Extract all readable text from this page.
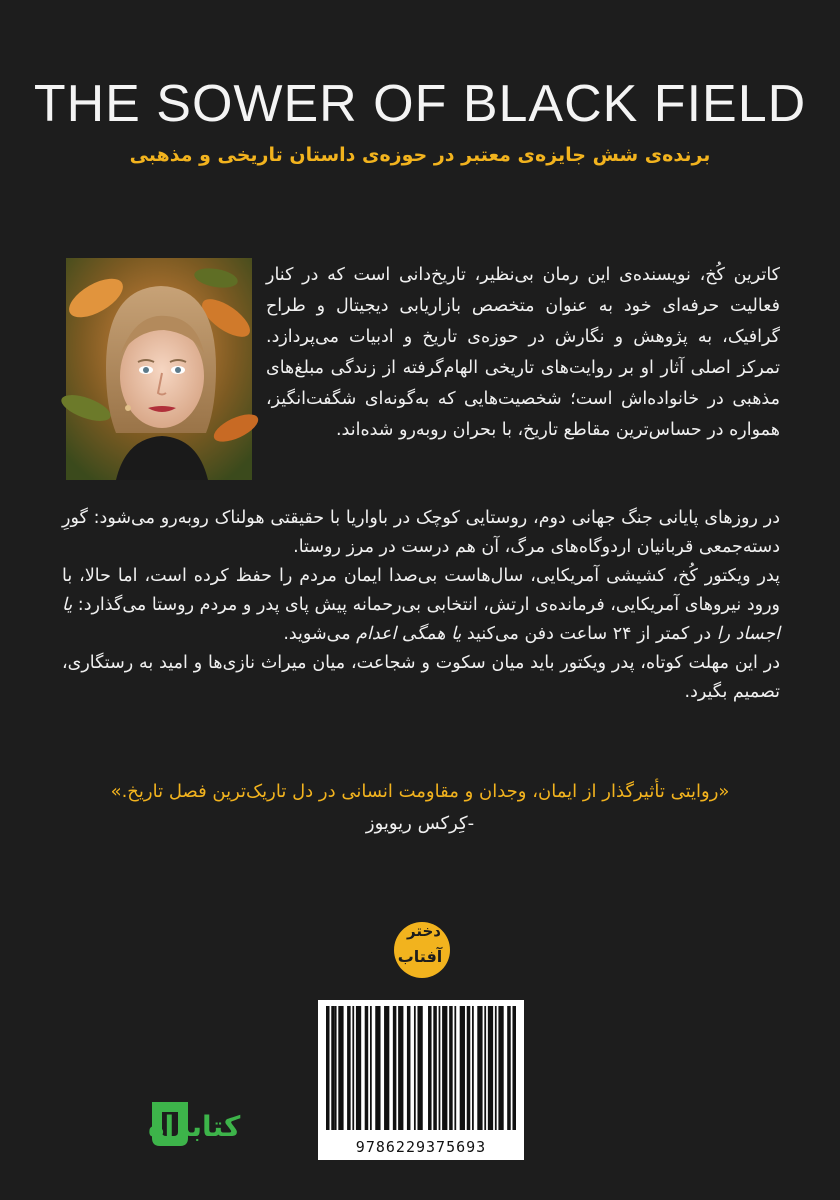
THE SOWER OF BLACK FIELD
برنده‌ی شش جایزه‌ی معتبر در حوزه‌ی داستان تاریخی و مذهبی
کاترین کُخ، نویسنده‌ی این رمان بی‌نظیر، تاریخ‌دانی است که در کنار فعالیت حرفه‌ای خود به عنوان متخصص بازاریابی دیجیتال و طراح گرافیک، به پژوهش و نگارش در حوزه‌ی تاریخ و ادبیات می‌پردازد. تمرکز اصلی آثار او بر روایت‌های تاریخی الهام‌گرفته از زندگی مبلغ‌های مذهبی در خانواده‌اش است؛ شخصیت‌هایی که به‌گونه‌ای شگفت‌انگیز، همواره در حساس‌ترین مقاطع تاریخ، با بحران روبه‌رو شده‌اند.

در روزهای پایانی جنگ جهانی دوم، روستایی کوچک در باواریا با حقیقتی هولناک روبه‌رو می‌شود: گورِ دسته‌جمعی قربانیان اردوگاه‌های مرگ، آن هم درست در مرز روستا.

پدر ویکتور کُخ، کشیشی آمریکایی، سال‌هاست بی‌صدا ایمان مردم را حفظ کرده است، اما حالا، با ورود نیروهای آمریکایی، فرمانده‌ی ارتش، انتخابی بی‌رحمانه پیش پای پدر و مردم روستا می‌گذارد: یا اجساد را در کمتر از ۲۴ ساعت دفن می‌کنید یا همگی اعدام می‌شوید.

در این مهلت کوتاه، پدر ویکتور باید میان سکوت و شجاعت، میان میراث نازی‌ها و امید به رستگاری، تصمیم بگیرد.

«روایتی تأثیرگذار از ایمان، وجدان و مقاومت انسانی در دل تاریک‌ترین فصل تاریخ.»
-کِرکس ریویوز
دختر
آفتاب
9786229375693
کتابراه
